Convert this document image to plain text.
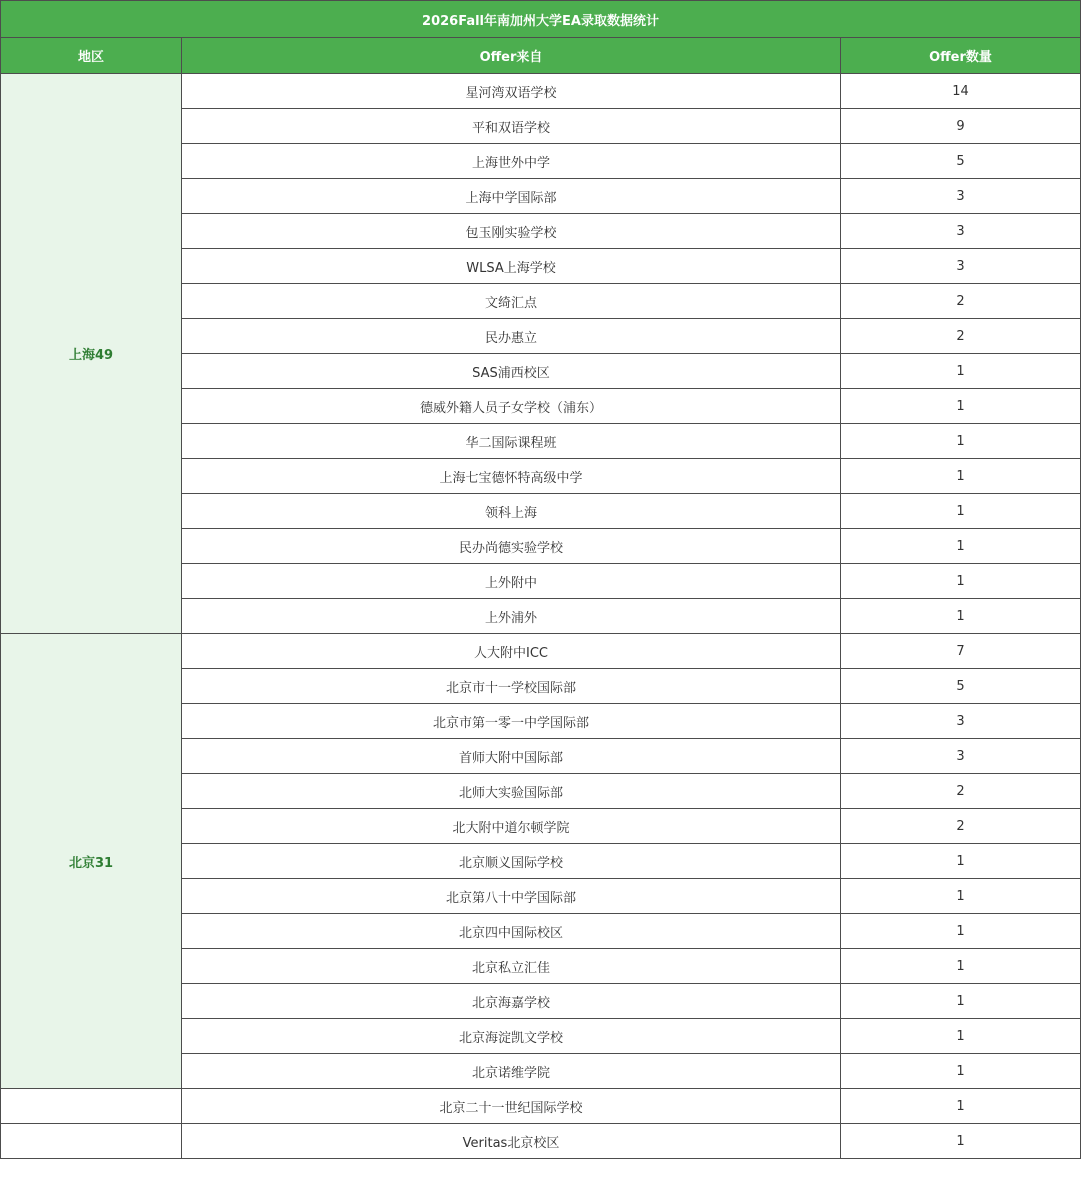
2026Fall年南加州大学EA录取数据统计		
地区	Offer来自	Offer数量
上海49	星河湾双语学校	14
	平和双语学校	9
	上海世外中学	5
	上海中学国际部	3
	包玉刚实验学校	3
	WLSA上海学校	3
	文绮汇点	2
	民办惠立	2
	SAS浦西校区	1
	德威外籍人员子女学校（浦东）	1
	华二国际课程班	1
	上海七宝德怀特高级中学	1
	领科上海	1
	民办尚德实验学校	1
	上外附中	1
	上外浦外	1
北京31	人大附中ICC	7
	北京市十一学校国际部	5
	北京市第一零一中学国际部	3
	首师大附中国际部	3
	北师大实验国际部	2
	北大附中道尔顿学院	2
	北京顺义国际学校	1
	北京第八十中学国际部	1
	北京四中国际校区	1
	北京私立汇佳	1
	北京海嘉学校	1
	北京海淀凯文学校	1
	北京诺维学院	1
	北京二十一世纪国际学校	1
	Veritas北京校区	1
